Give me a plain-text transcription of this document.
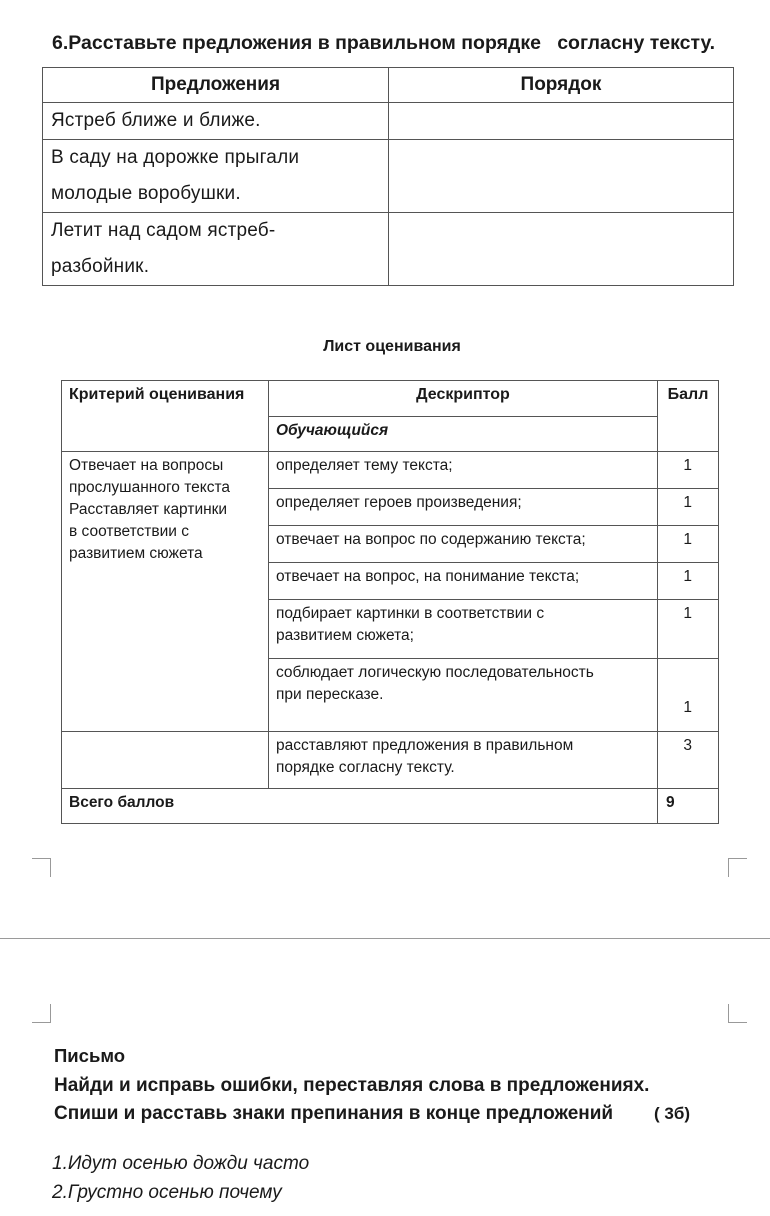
6.Расставьте предложения в правильном порядке   согласну тексту.
Предложения	Порядок
Ястреб ближе и ближе.	

В саду на дорожке прыгали
молодые воробушки.	

Летит над садом ястреб-
разбойник.	

Лист оценивания
Критерий оценивания	Дескриптор	Балл
	Обучающийся	

Отвечает на вопросы
прослушанного текста
Расставляет картинки
в соответствии с
развитием сюжета	определяет тему текста;	1
	определяет героев произведения;	1
	отвечает на вопрос по содержанию текста;	1
	отвечает на вопрос, на понимание текста;	1

	подбирает картинки в соответствии с
развитием сюжета;	1

	соблюдает логическую последовательность
при пересказе.	1

	расставляют предложения в правильном
порядке согласну тексту.	3
Всего баллов		9
Письмо
Найди и исправь ошибки, переставляя слова в предложениях.
Спиши и расставь знаки препинания в конце предложений ( 3б)
1.Идут осенью дожди часто
2.Грустно осенью почему
